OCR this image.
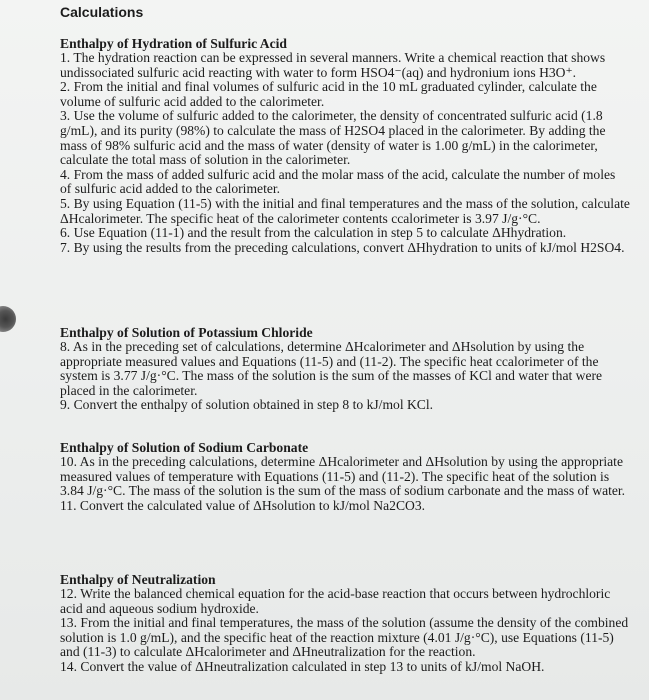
Calculations

Enthalpy of Hydration of Sulfuric Acid

1. The hydration reaction can be expressed in several manners. Write a chemical reaction that shows undissociated sulfuric acid reacting with water to form HSO4⁻(aq) and hydronium ions H3O⁺.

2. From the initial and final volumes of sulfuric acid in the 10 mL graduated cylinder, calculate the volume of sulfuric acid added to the calorimeter.

3. Use the volume of sulfuric added to the calorimeter, the density of concentrated sulfuric acid (1.8 g/mL), and its purity (98%) to calculate the mass of H2SO4 placed in the calorimeter. By adding the mass of 98% sulfuric acid and the mass of water (density of water is 1.00 g/mL) in the calorimeter, calculate the total mass of solution in the calorimeter.

4. From the mass of added sulfuric acid and the molar mass of the acid, calculate the number of moles of sulfuric acid added to the calorimeter.

5. By using Equation (11-5) with the initial and final temperatures and the mass of the solution, calculate ΔHcalorimeter. The specific heat of the calorimeter contents ccalorimeter is 3.97 J/g·°C.

6. Use Equation (11-1) and the result from the calculation in step 5 to calculate ΔHhydration.

7. By using the results from the preceding calculations, convert ΔHhydration to units of kJ/mol H2SO4.

Enthalpy of Solution of Potassium Chloride

8. As in the preceding set of calculations, determine ΔHcalorimeter and ΔHsolution by using the appropriate measured values and Equations (11-5) and (11-2). The specific heat ccalorimeter of the system is 3.77 J/g·°C. The mass of the solution is the sum of the masses of KCl and water that were placed in the calorimeter.

9. Convert the enthalpy of solution obtained in step 8 to kJ/mol KCl.

Enthalpy of Solution of Sodium Carbonate

10. As in the preceding calculations, determine ΔHcalorimeter and ΔHsolution by using the appropriate measured values of temperature with Equations (11-5) and (11-2). The specific heat of the solution is 3.84 J/g·°C. The mass of the solution is the sum of the mass of sodium carbonate and the mass of water.

11. Convert the calculated value of ΔHsolution to kJ/mol Na2CO3.

Enthalpy of Neutralization

12. Write the balanced chemical equation for the acid-base reaction that occurs between hydrochloric acid and aqueous sodium hydroxide.

13. From the initial and final temperatures, the mass of the solution (assume the density of the combined solution is 1.0 g/mL), and the specific heat of the reaction mixture (4.01 J/g·°C), use Equations (11-5) and (11-3) to calculate ΔHcalorimeter and ΔHneutralization for the reaction.

14. Convert the value of ΔHneutralization calculated in step 13 to units of kJ/mol NaOH.
